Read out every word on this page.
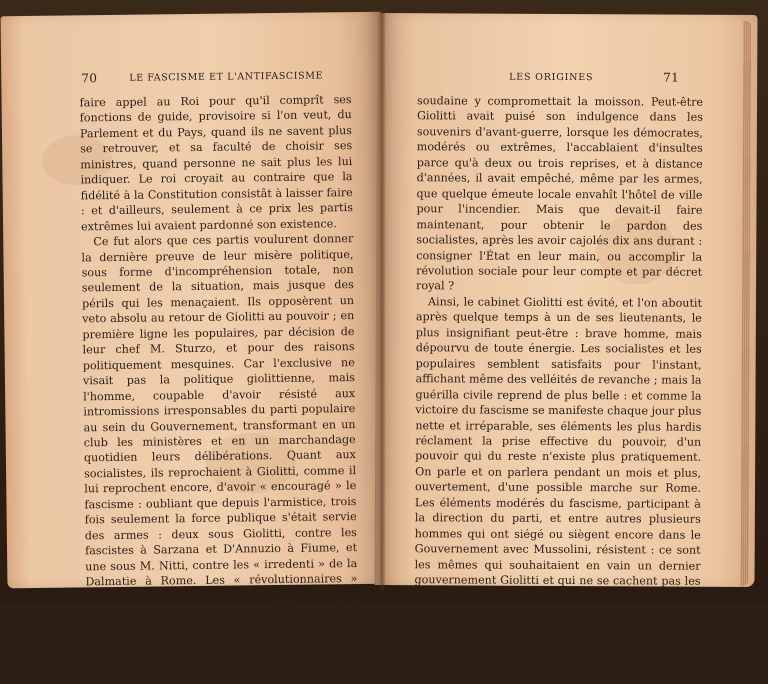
70	LE FASCISME ET L'ANTIFASCISME

faire appel au Roi pour qu'il comprît ses fonctions de guide, provisoire si l'on veut, du Parlement et du Pays, quand ils ne savent plus se retrouver, et sa faculté de choisir ses ministres, quand personne ne sait plus les lui indiquer. Le roi croyait au contraire que la fidélité à la Constitution consistât à laisser faire : et d'ailleurs, seulement à ce prix les partis extrêmes lui avaient pardonné son existence.

Ce fut alors que ces partis voulurent donner la dernière preuve de leur misère politique, sous forme d'incompréhension totale, non seulement de la situation, mais jusque des périls qui les menaçaient. Ils opposèrent un veto absolu au retour de Giolitti au pouvoir ; en première ligne les populaires, par décision de leur chef M. Sturzo, et pour des raisons politiquement mesquines. Car l'exclusive ne visait pas la politique giolittienne, mais l'homme, coupable d'avoir résisté aux intromissions irresponsables du parti populaire au sein du Gouvernement, transformant en un club les ministères et en un marchandage quotidien leurs délibérations. Quant aux socialistes, ils reprochaient à Giolitti, comme il lui reprochent encore, d'avoir « encouragé » le fascisme : oubliant que depuis l'armistice, trois fois seulement la force publique s'était servie des armes : deux sous Giolitti, contre les fascistes à Sarzana et D'Annuzio à Fiume, et une sous M. Nitti, contre les « irredenti » de la Dalmatie à Rome. Les « révolutionnaires » avaient au contraire saccagé les boutiques en 1919 et occupé les usines en 1920 — le tout impunément. Dans la vallée du Pô, ils avaient obtenu des préfets jusqu'à l'interdiction aux paysans d'un village de travailler dans le village voisin, quand une grève

LES ORIGINES	71

soudaine y compromettait la moisson. Peut-être Giolitti avait puisé son indulgence dans les souvenirs d'avant-guerre, lorsque les démocrates, modérés ou extrêmes, l'accablaient d'insultes parce qu'à deux ou trois reprises, et à distance d'années, il avait empêché, même par les armes, que quelque émeute locale envahît l'hôtel de ville pour l'incendier. Mais que devait-il faire maintenant, pour obtenir le pardon des socialistes, après les avoir cajolés dix ans durant : consigner l'État en leur main, ou accomplir la révolution sociale pour leur compte et par décret royal ?

Ainsi, le cabinet Giolitti est évité, et l'on aboutit après quelque temps à un de ses lieutenants, le plus insignifiant peut-être : brave homme, mais dépourvu de toute énergie. Les socialistes et les populaires semblent satisfaits pour l'instant, affichant même des velléités de revanche ; mais la guérilla civile reprend de plus belle : et comme la victoire du fascisme se manifeste chaque jour plus nette et irréparable, ses éléments les plus hardis réclament la prise effective du pouvoir, d'un pouvoir qui du reste n'existe plus pratiquement. On parle et on parlera pendant un mois et plus, ouvertement, d'une possible marche sur Rome. Les éléments modérés du fascisme, participant à la direction du parti, et entre autres plusieurs hommes qui ont siégé ou siègent encore dans le Gouvernement avec Mussolini, résistent : ce sont les mêmes qui souhaitaient en vain un dernier gouvernement Giolitti et qui ne se cachent pas les dangers, les risques, les inconnus surtout, d'un coup de force qui briserait les derniers vestiges de la légalité
